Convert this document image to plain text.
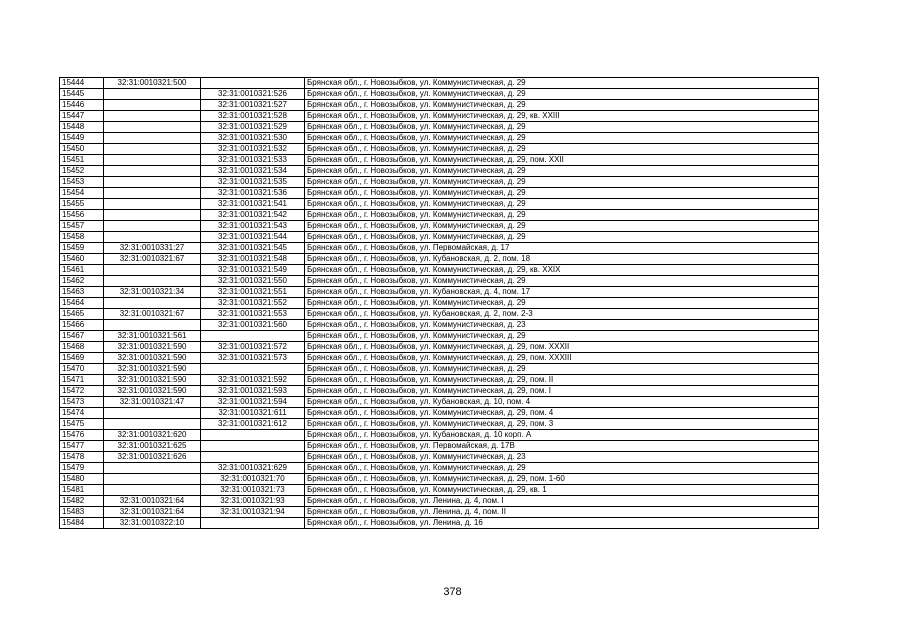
15444	32:31:0010321:500		Брянская обл., г. Новозыбков, ул. Коммунистическая, д. 29
15445		32:31:0010321:526	Брянская обл., г. Новозыбков, ул. Коммунистическая, д. 29
15446		32:31:0010321:527	Брянская обл., г. Новозыбков, ул. Коммунистическая, д. 29
15447		32:31:0010321:528	Брянская обл., г. Новозыбков, ул. Коммунистическая, д. 29, кв. XXIII
15448		32:31:0010321:529	Брянская обл., г. Новозыбков, ул. Коммунистическая, д. 29
15449		32:31:0010321:530	Брянская обл., г. Новозыбков, ул. Коммунистическая, д. 29
15450		32:31:0010321:532	Брянская обл., г. Новозыбков, ул. Коммунистическая, д. 29
15451		32:31:0010321:533	Брянская обл., г. Новозыбков, ул. Коммунистическая, д. 29, пом. XXII
15452		32:31:0010321:534	Брянская обл., г. Новозыбков, ул. Коммунистическая, д. 29
15453		32:31:0010321:535	Брянская обл., г. Новозыбков, ул. Коммунистическая, д. 29
15454		32:31:0010321:536	Брянская обл., г. Новозыбков, ул. Коммунистическая, д. 29
15455		32:31:0010321:541	Брянская обл., г. Новозыбков, ул. Коммунистическая, д. 29
15456		32:31:0010321:542	Брянская обл., г. Новозыбков, ул. Коммунистическая, д. 29
15457		32:31:0010321:543	Брянская обл., г. Новозыбков, ул. Коммунистическая, д. 29
15458		32:31:0010321:544	Брянская обл., г. Новозыбков, ул. Коммунистическая, д. 29
15459	32:31:0010331:27	32:31:0010321:545	Брянская обл., г. Новозыбков, ул. Первомайская, д. 17
15460	32:31:0010321:67	32:31:0010321:548	Брянская обл., г. Новозыбков, ул. Кубановская, д. 2, пом. 18
15461		32:31:0010321:549	Брянская обл., г. Новозыбков, ул. Коммунистическая, д. 29, кв. XXIX
15462		32:31:0010321:550	Брянская обл., г. Новозыбков, ул. Коммунистическая, д. 29
15463	32:31:0010321:34	32:31:0010321:551	Брянская обл., г. Новозыбков, ул. Кубановская, д. 4, пом. 17
15464		32:31:0010321:552	Брянская обл., г. Новозыбков, ул. Коммунистическая, д. 29
15465	32:31:0010321:67	32:31:0010321:553	Брянская обл., г. Новозыбков, ул. Кубановская, д. 2, пом. 2-3
15466		32:31:0010321:560	Брянская обл., г. Новозыбков, ул. Коммунистическая, д. 23
15467	32:31:0010321:561		Брянская обл., г. Новозыбков, ул. Коммунистическая, д. 29
15468	32:31:0010321:590	32:31:0010321:572	Брянская обл., г. Новозыбков, ул. Коммунистическая, д. 29, пом. XXXII
15469	32:31:0010321:590	32:31:0010321:573	Брянская обл., г. Новозыбков, ул. Коммунистическая, д. 29, пом. XXXIII
15470	32:31:0010321:590		Брянская обл., г. Новозыбков, ул. Коммунистическая, д. 29
15471	32:31:0010321:590	32:31:0010321:592	Брянская обл., г. Новозыбков, ул. Коммунистическая, д. 29, пом. II
15472	32:31:0010321:590	32:31:0010321:593	Брянская обл., г. Новозыбков, ул. Коммунистическая, д. 29, пом. I
15473	32:31:0010321:47	32:31:0010321:594	Брянская обл., г. Новозыбков, ул. Кубановская, д. 10, пом. 4
15474		32:31:0010321:611	Брянская обл., г. Новозыбков, ул. Коммунистическая, д. 29, пом. 4
15475		32:31:0010321:612	Брянская обл., г. Новозыбков, ул. Коммунистическая, д. 29, пом. 3
15476	32:31:0010321:620		Брянская обл., г. Новозыбков, ул. Кубановская, д. 10 корп. А
15477	32:31:0010321:625		Брянская обл., г. Новозыбков, ул. Первомайская, д. 17В
15478	32:31:0010321:626		Брянская обл., г. Новозыбков, ул. Коммунистическая, д. 23
15479		32:31:0010321:629	Брянская обл., г. Новозыбков, ул. Коммунистическая, д. 29
15480		32:31:0010321:70	Брянская обл., г. Новозыбков, ул. Коммунистическая, д. 29, пом. 1-60
15481		32:31:0010321:73	Брянская обл., г. Новозыбков, ул. Коммунистическая, д. 29, кв. 1
15482	32:31:0010321:64	32:31:0010321:93	Брянская обл., г. Новозыбков, ул. Ленина, д. 4, пом. I
15483	32:31:0010321:64	32:31:0010321:94	Брянская обл., г. Новозыбков, ул. Ленина, д. 4, пом. II
15484	32:31:0010322:10		Брянская обл., г. Новозыбков, ул. Ленина, д. 16
378
